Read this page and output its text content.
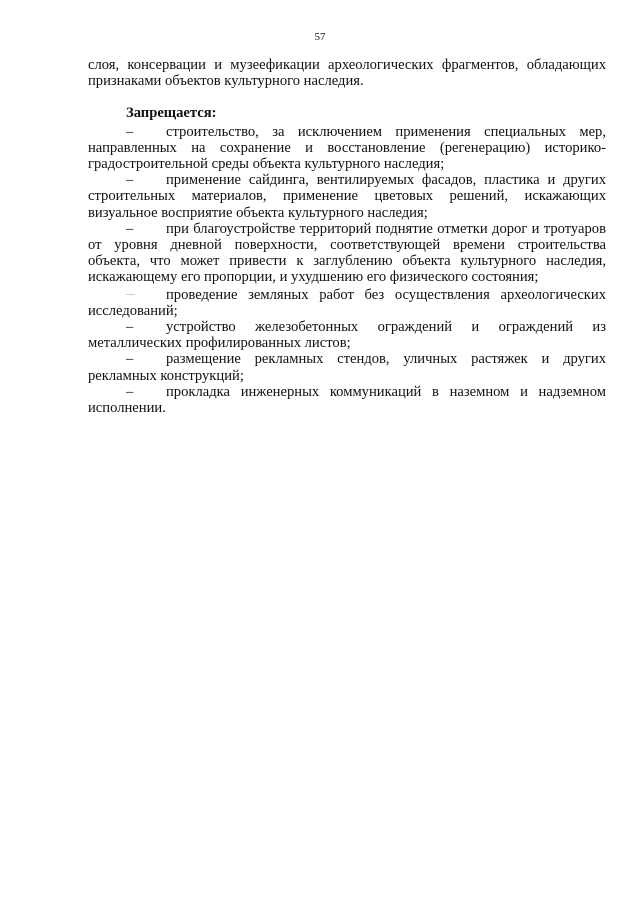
57

слоя, консервации и музеефикации археологических фрагментов, обладающих признаками объектов культурного наследия.

Запрещается:

– строительство, за исключением применения специальных мер, направленных на сохранение и восстановление (регенерацию) историко-градостроительной среды объекта культурного наследия;

– применение сайдинга, вентилируемых фасадов, пластика и других строительных материалов, применение цветовых решений, искажающих визуальное восприятие объекта культурного наследия;

– при благоустройстве территорий поднятие отметки дорог и тротуаров от уровня дневной поверхности, соответствующей времени строительства объекта, что может привести к заглублению объекта культурного наследия, искажающему его пропорции, и ухудшению его физического состояния;

— проведение земляных работ без осуществления археологических исследований;

– устройство железобетонных ограждений и ограждений из металлических профилированных листов;

– размещение рекламных стендов, уличных растяжек и других рекламных конструкций;

– прокладка инженерных коммуникаций в наземном и надземном исполнении.
